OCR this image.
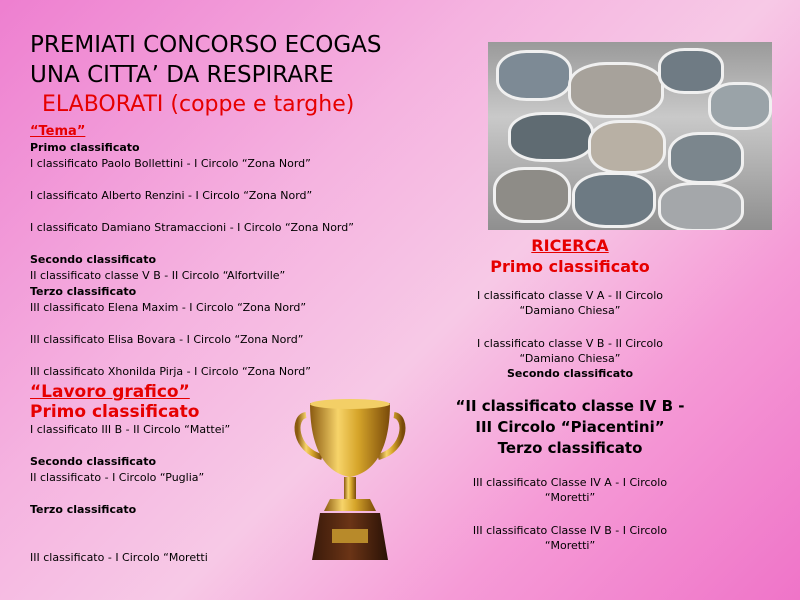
PREMIATI CONCORSO ECOGAS
UNA CITTA’ DA RESPIRARE
ELABORATI (coppe e targhe)
“Tema”
Primo classificato
I classificato Paolo Bollettini - I Circolo “Zona Nord”
I classificato Alberto Renzini - I Circolo “Zona Nord”
I classificato Damiano Stramaccioni - I Circolo “Zona Nord”
Secondo classificato
II classificato classe V B - II Circolo “Alfortville”
Terzo classificato
III classificato Elena Maxim - I Circolo “Zona Nord”
III classificato Elisa Bovara - I Circolo “Zona Nord”
III classificato Xhonilda Pirja - I Circolo “Zona Nord”
“Lavoro grafico”
Primo classificato
I classificato III B - II Circolo “Mattei”
Secondo classificato
II classificato - I Circolo “Puglia”
Terzo classificato
III classificato - I Circolo “Moretti
RICERCA
Primo classificato
I classificato classe V A - II Circolo
“Damiano Chiesa”
I classificato classe V B - II Circolo
“Damiano Chiesa”
Secondo classificato
“II classificato classe IV B -
III Circolo “Piacentini”
Terzo classificato
III classificato Classe IV A - I Circolo
“Moretti”
III classificato Classe IV B - I Circolo
“Moretti”
